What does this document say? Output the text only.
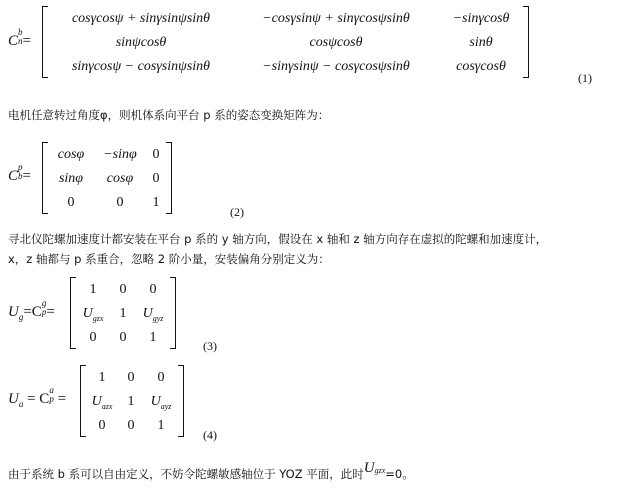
C
b
n =
cosγcosψ + sinγsinψsinθ	−cosγsinψ + sinγcosψsinθ	−sinγcosθ
sinψcosθ	cosψcosθ	sinθ
sinγcosψ − cosγsinψsinθ	−sinγsinψ − cosγcosψsinθ	cosγcosθ
(1)
电机任意转过角度φ，则机体系向平台 p 系的姿态变换矩阵为：
C
p
b =
cosφ	−sinφ	0
sinφ	cosφ	0
0	0	1
(2)
寻北仪陀螺加速度计都安装在平台 p 系的 y 轴方向，假设在 x 轴和 z 轴方向存在虚拟的陀螺和加速度计，
x，z 轴都与 p 系重合，忽略 2 阶小量，安装偏角分别定义为：
$U_g=C$
g
p =
1	0	0
$U_{gzx}$	1	$U_{gyz}$
0	0	1
(3)
$U_a = C$
a
p =
1	0	0
$U_{azx}$	1	$U_{ayz}$
0	0	1
(4)
由于系统 b 系可以自由定义，不妨令陀螺敏感轴位于 YOZ 平面，此时$U_{gzx}=0$。
